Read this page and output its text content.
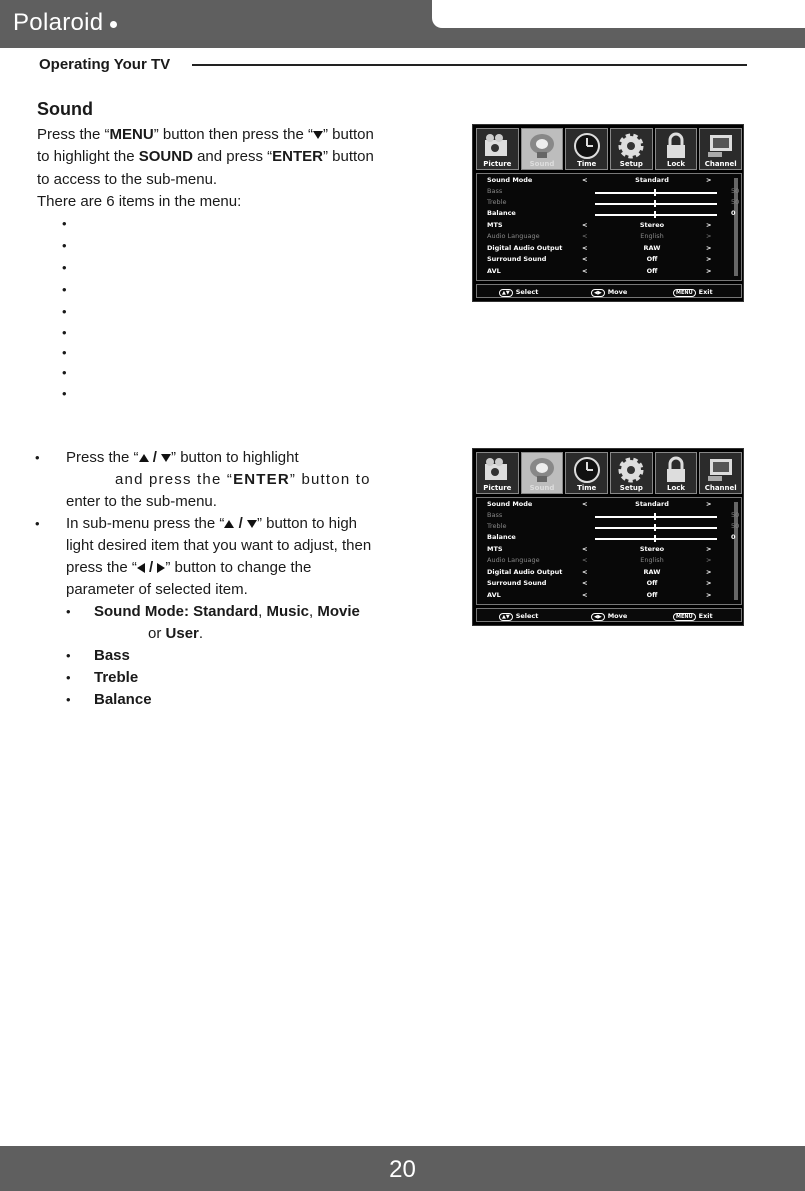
Polaroid
Operating Your TV
Sound
Press the “MENU” button then press the “ ” button
to highlight the SOUND and press “ENTER” button
to access to the sub-menu.
There are 6 items in the menu:
•
•
•
•
•
•
•
•
•
• Press the “ / ” button to highlight
and press the “ENTER” button to
enter to the sub-menu.
• In sub-menu press the “ / ” button to high
light desired item that you want to adjust, then
press the “ / ” button to change the
parameter of selected item.
• Sound Mode: Standard, Music, Movie
or User.
• Bass
• Treble
• Balance
Picture	Sound	Time	Setup	Lock	Channel
Sound Mode	<	Standard	>
Bass	50
Treble	50
Balance	0
MTS	<	Stereo	>
Audio Language	<	English	>
Digital Audio Output	<	RAW	>
Surround Sound	<	Off	>
AVL	<	Off	>
▲▼ Select	◀▶ Move	MENU Exit
Picture	Sound	Time	Setup	Lock	Channel
Sound Mode	<	Standard	>
Bass	50
Treble	50
Balance	0
MTS	<	Stereo	>
Audio Language	<	English	>
Digital Audio Output	<	RAW	>
Surround Sound	<	Off	>
AVL	<	Off	>
▲▼ Select	◀▶ Move	MENU Exit
20
